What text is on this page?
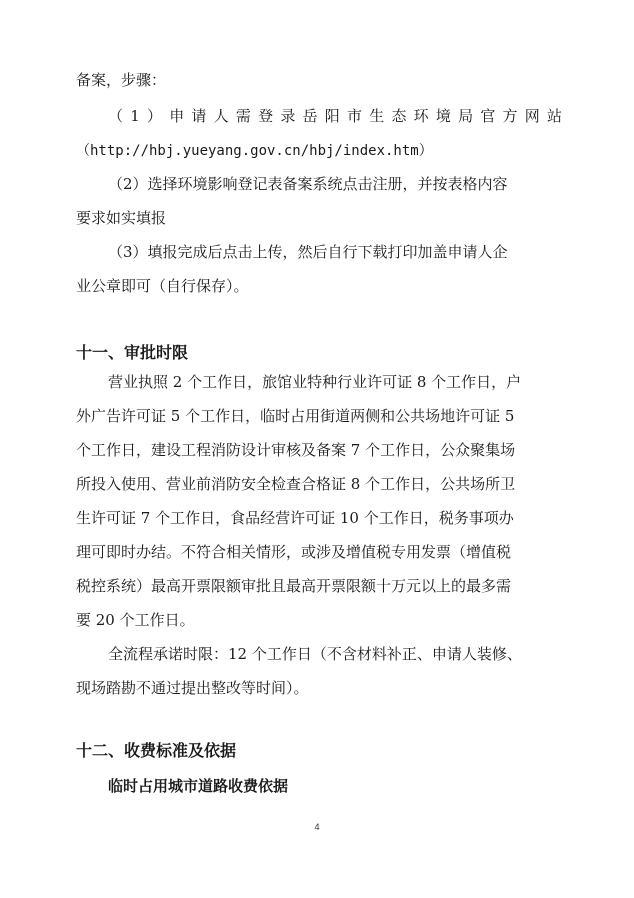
备案，步骤：
（1）申请人需登录岳阳市生态环境局官方网站
（http://hbj.yueyang.gov.cn/hbj/index.htm）
（2）选择环境影响登记表备案系统点击注册，并按表格内容
要求如实填报
（3）填报完成后点击上传，然后自行下载打印加盖申请人企
业公章即可（自行保存）。
十一、审批时限
营业执照 2 个工作日，旅馆业特种行业许可证 8 个工作日，户
外广告许可证 5 个工作日，临时占用街道两侧和公共场地许可证 5
个工作日，建设工程消防设计审核及备案 7 个工作日，公众聚集场
所投入使用、营业前消防安全检查合格证 8 个工作日，公共场所卫
生许可证 7 个工作日，食品经营许可证 10 个工作日，税务事项办
理可即时办结。不符合相关情形，或涉及增值税专用发票（增值税
税控系统）最高开票限额审批且最高开票限额十万元以上的最多需
要 20 个工作日。
全流程承诺时限：12 个工作日（不含材料补正、申请人装修、
现场踏勘不通过提出整改等时间）。
十二、收费标准及依据
临时占用城市道路收费依据
4
